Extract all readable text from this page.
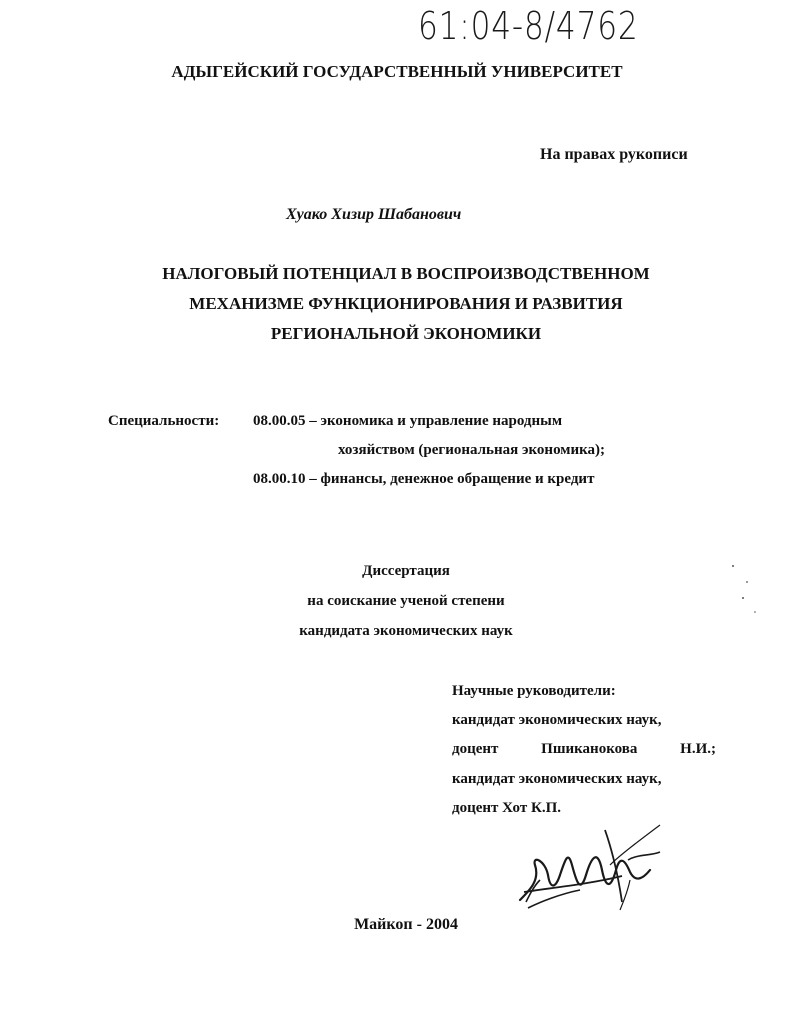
61:04-8/4762
АДЫГЕЙСКИЙ ГОСУДАРСТВЕННЫЙ УНИВЕРСИТЕТ
На правах рукописи
Хуако Хизир Шабанович
НАЛОГОВЫЙ ПОТЕНЦИАЛ В ВОСПРОИЗВОДСТВЕННОМ
МЕХАНИЗМЕ ФУНКЦИОНИРОВАНИЯ И РАЗВИТИЯ
РЕГИОНАЛЬНОЙ ЭКОНОМИКИ
Специальности: 08.00.05 – экономика и управление народным
хозяйством (региональная экономика);
08.00.10 – финансы, денежное обращение и кредит
Диссертация
на соискание ученой степени
кандидата экономических наук
Научные руководители:
кандидат экономических наук,
доцент	Пшиканокова	Н.И.;
кандидат экономических наук,
доцент Хот К.П.
Майкоп - 2004
